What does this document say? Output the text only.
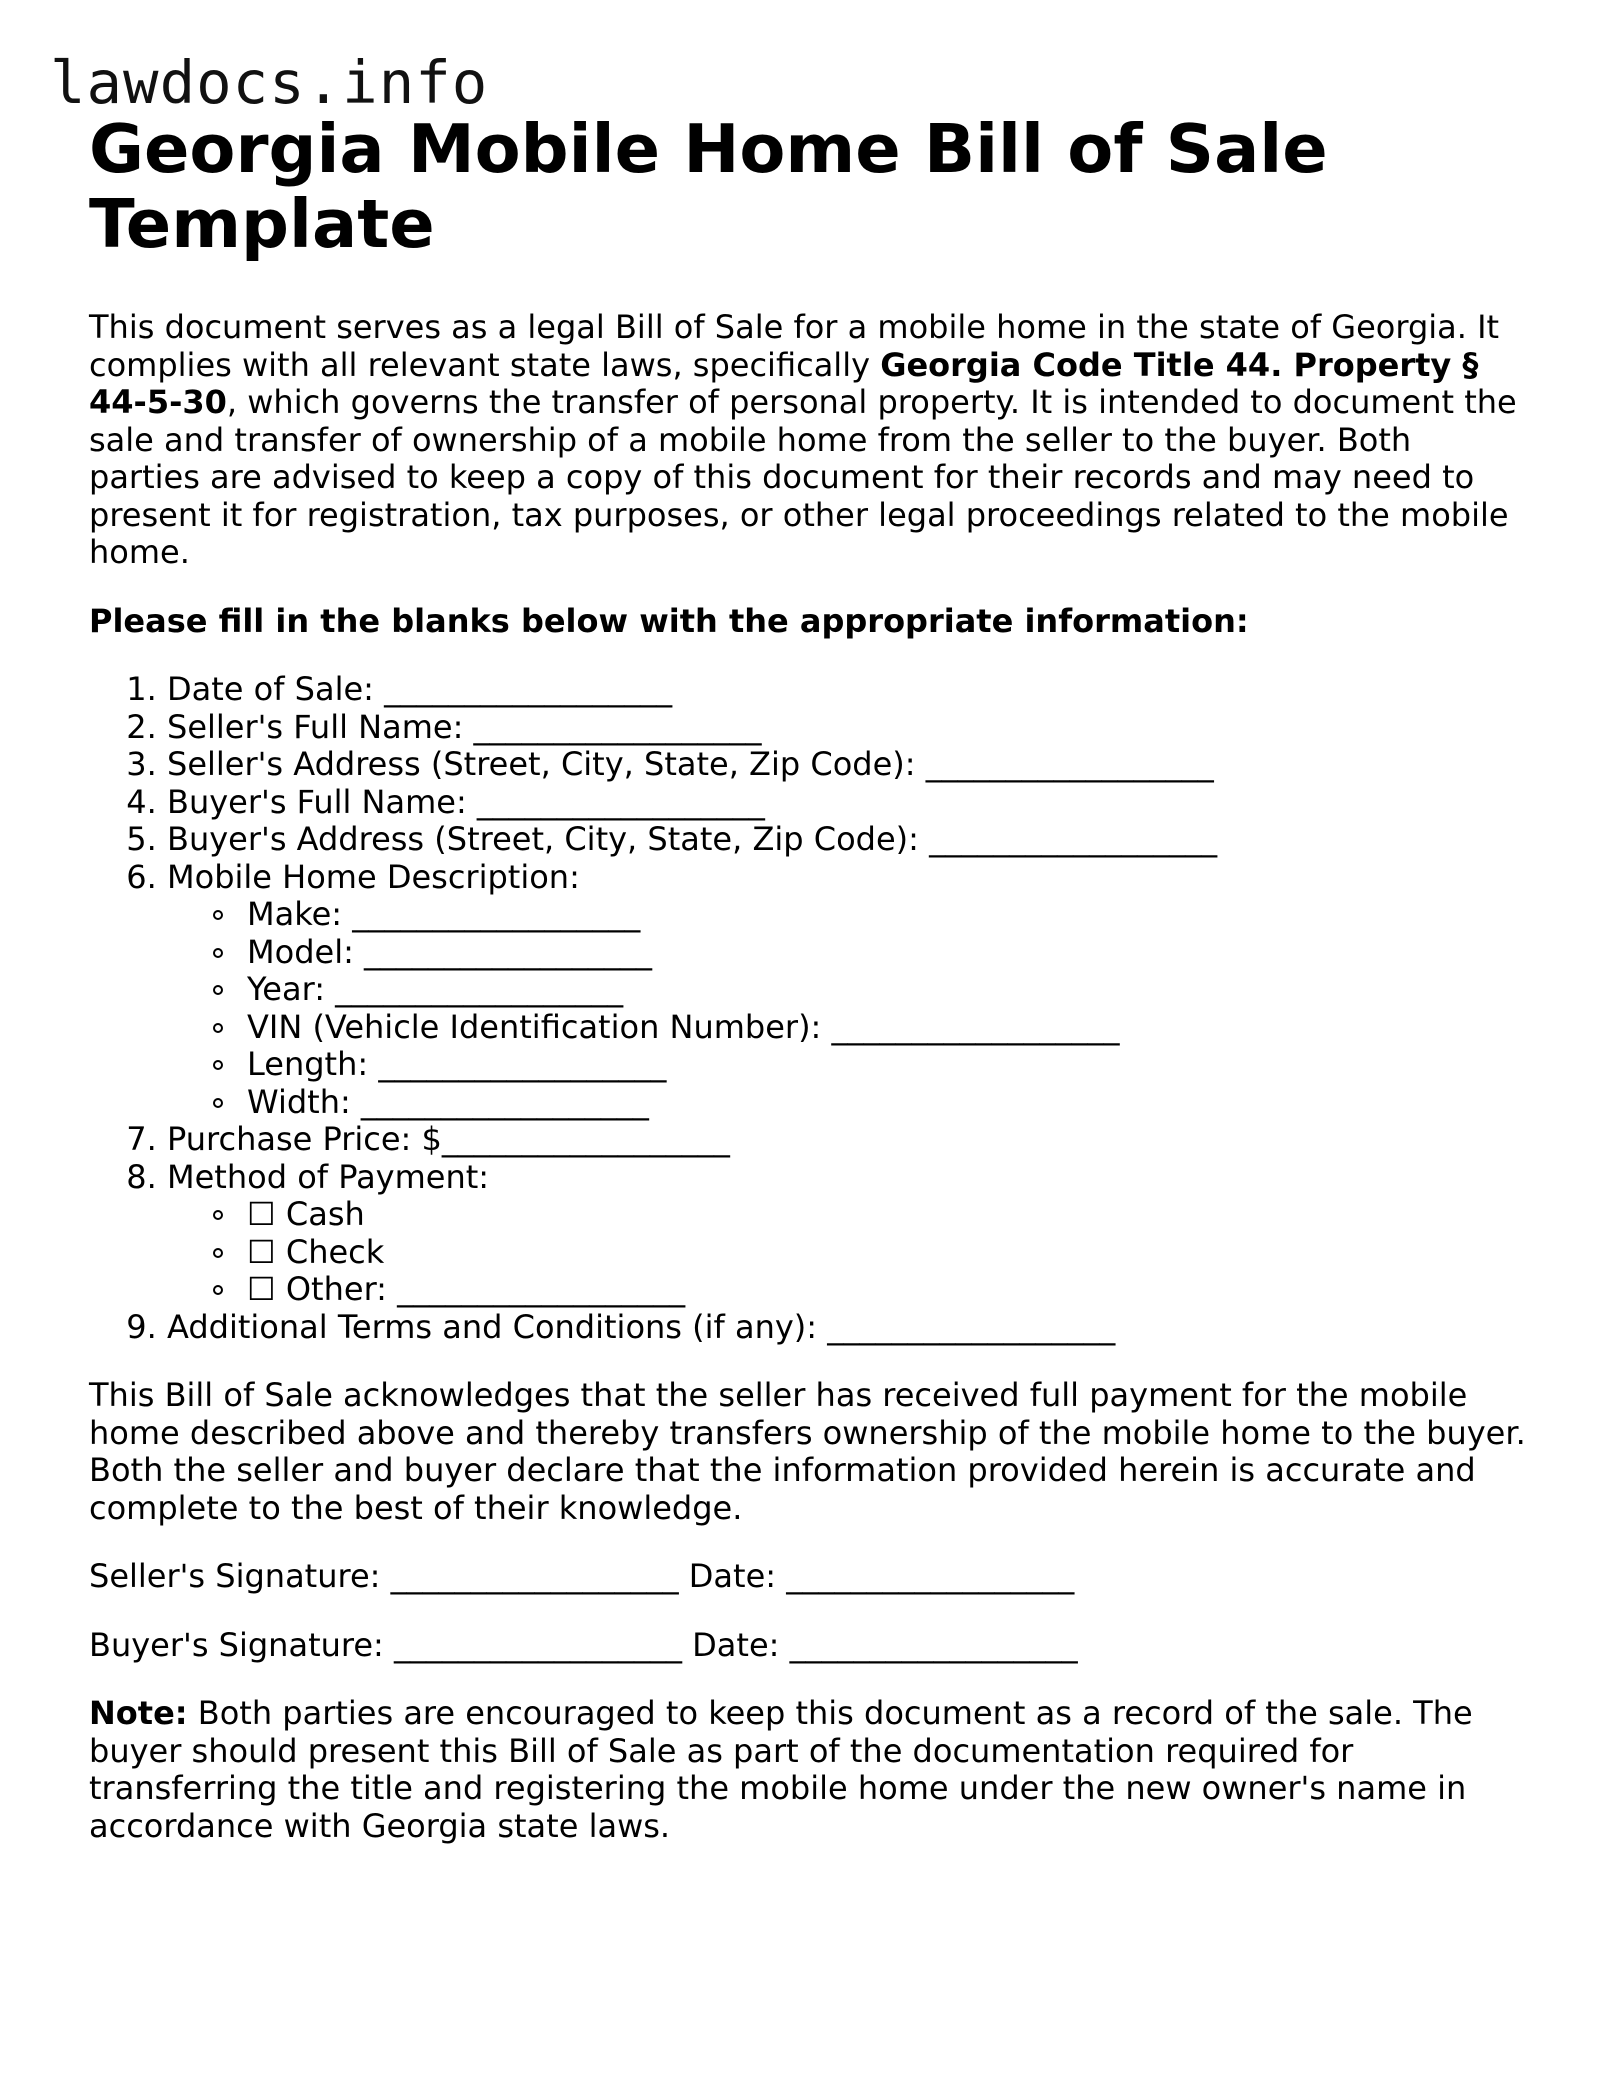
lawdocs.info
Georgia Mobile Home Bill of Sale Template

This document serves as a legal Bill of Sale for a mobile home in the state of Georgia. It complies with all relevant state laws, specifically Georgia Code Title 44. Property § 44-5-30, which governs the transfer of personal property. It is intended to document the sale and transfer of ownership of a mobile home from the seller to the buyer. Both parties are advised to keep a copy of this document for their records and may need to present it for registration, tax purposes, or other legal proceedings related to the mobile home.

Please fill in the blanks below with the appropriate information:

1. Date of Sale: __________________
2. Seller's Full Name: __________________
3. Seller's Address (Street, City, State, Zip Code): __________________
4. Buyer's Full Name: __________________
5. Buyer's Address (Street, City, State, Zip Code): __________________
6. Mobile Home Description:
Make: __________________
Model: __________________
Year: __________________
VIN (Vehicle Identification Number): __________________
Length: __________________
Width: __________________
7. Purchase Price: $__________________
8. Method of Payment:
☐ Cash
☐ Check
☐ Other: __________________
9. Additional Terms and Conditions (if any): __________________

This Bill of Sale acknowledges that the seller has received full payment for the mobile home described above and thereby transfers ownership of the mobile home to the buyer. Both the seller and buyer declare that the information provided herein is accurate and complete to the best of their knowledge.

Seller's Signature: __________________ Date: __________________

Buyer's Signature: __________________ Date: __________________

Note: Both parties are encouraged to keep this document as a record of the sale. The buyer should present this Bill of Sale as part of the documentation required for transferring the title and registering the mobile home under the new owner's name in accordance with Georgia state laws.
